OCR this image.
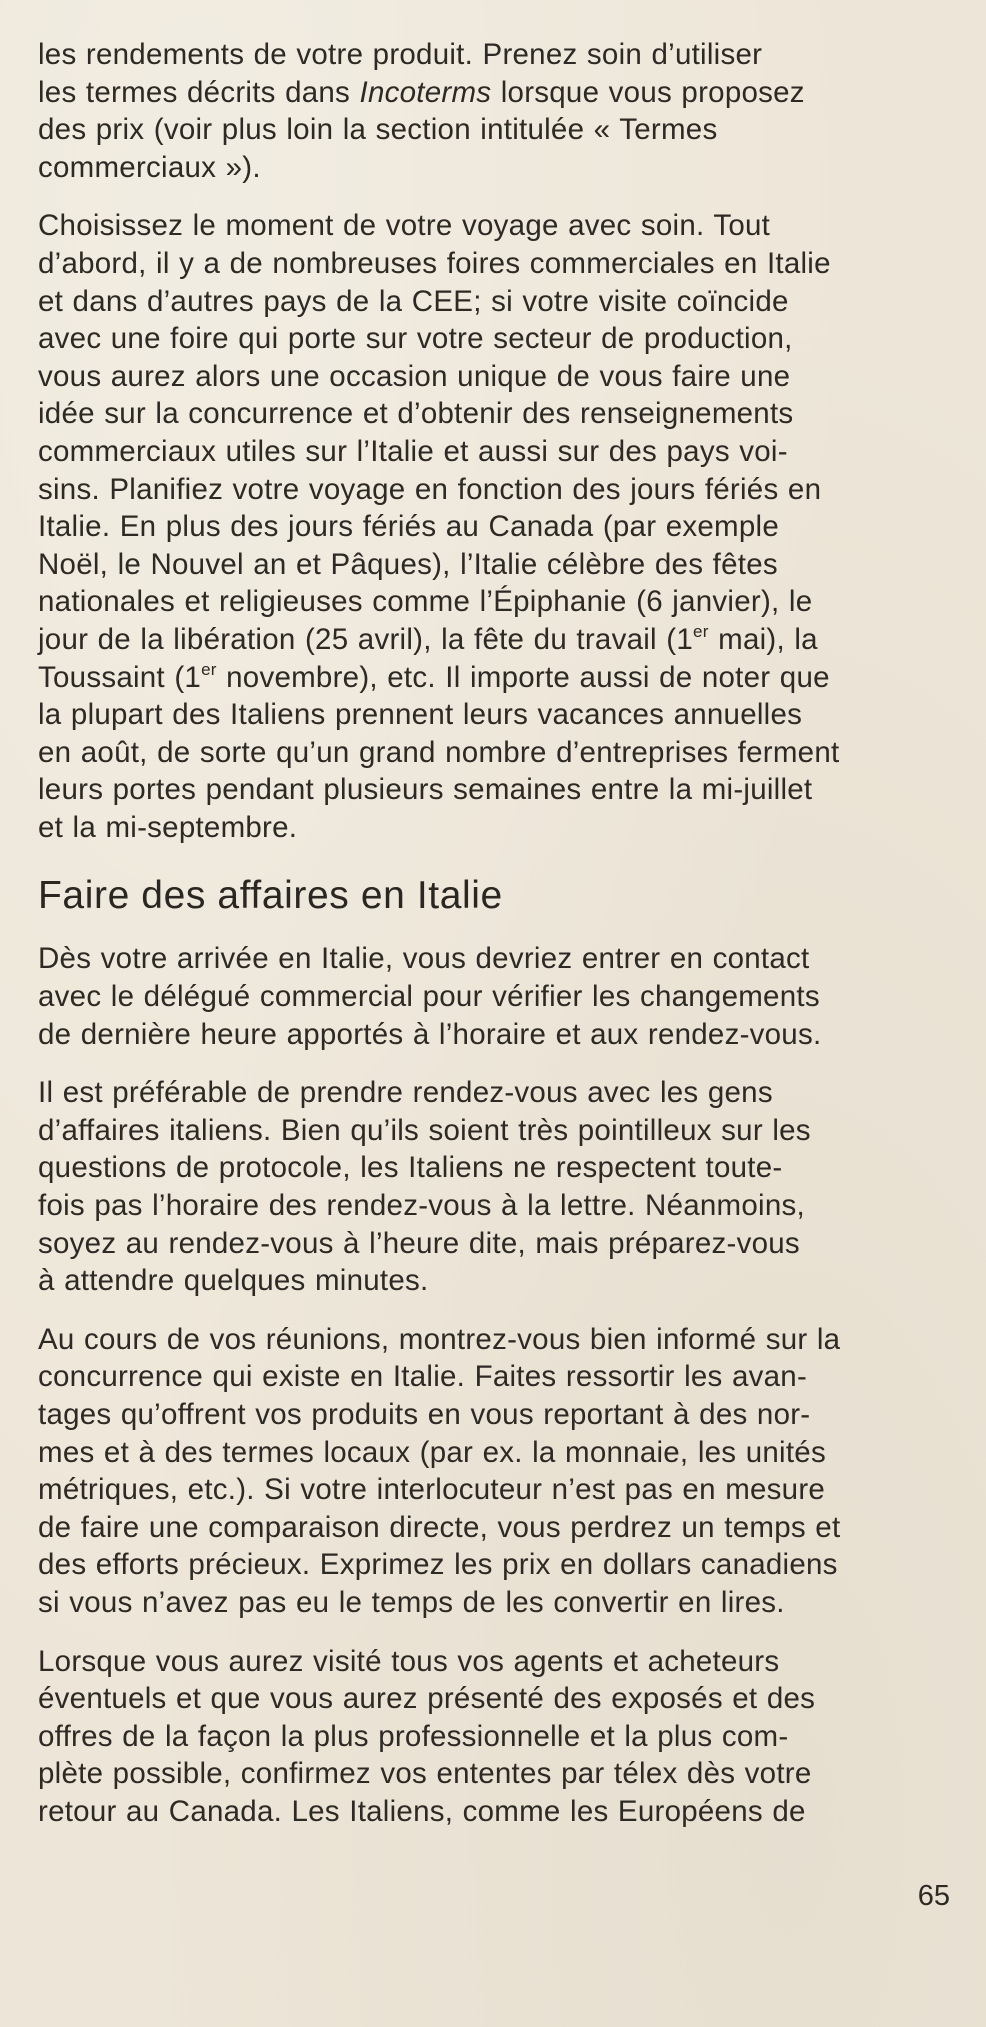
les rendements de votre produit. Prenez soin d’utiliser
les termes décrits dans Incoterms lorsque vous proposez
des prix (voir plus loin la section intitulée « Termes
commerciaux »).

Choisissez le moment de votre voyage avec soin. Tout
d’abord, il y a de nombreuses foires commerciales en Italie
et dans d’autres pays de la CEE; si votre visite coïncide
avec une foire qui porte sur votre secteur de production,
vous aurez alors une occasion unique de vous faire une
idée sur la concurrence et d’obtenir des renseignements
commerciaux utiles sur l’Italie et aussi sur des pays voi-
sins. Planifiez votre voyage en fonction des jours fériés en
Italie. En plus des jours fériés au Canada (par exemple
Noël, le Nouvel an et Pâques), l’Italie célèbre des fêtes
nationales et religieuses comme l’Épiphanie (6 janvier), le
jour de la libération (25 avril), la fête du travail (1er mai), la
Toussaint (1er novembre), etc. Il importe aussi de noter que
la plupart des Italiens prennent leurs vacances annuelles
en août, de sorte qu’un grand nombre d’entreprises ferment
leurs portes pendant plusieurs semaines entre la mi-juillet
et la mi-septembre.

Faire des affaires en Italie

Dès votre arrivée en Italie, vous devriez entrer en contact
avec le délégué commercial pour vérifier les changements
de dernière heure apportés à l’horaire et aux rendez-vous.

Il est préférable de prendre rendez-vous avec les gens
d’affaires italiens. Bien qu’ils soient très pointilleux sur les
questions de protocole, les Italiens ne respectent toute-
fois pas l’horaire des rendez-vous à la lettre. Néanmoins,
soyez au rendez-vous à l’heure dite, mais préparez-vous
à attendre quelques minutes.

Au cours de vos réunions, montrez-vous bien informé sur la
concurrence qui existe en Italie. Faites ressortir les avan-
tages qu’offrent vos produits en vous reportant à des nor-
mes et à des termes locaux (par ex. la monnaie, les unités
métriques, etc.). Si votre interlocuteur n’est pas en mesure
de faire une comparaison directe, vous perdrez un temps et
des efforts précieux. Exprimez les prix en dollars canadiens
si vous n’avez pas eu le temps de les convertir en lires.

Lorsque vous aurez visité tous vos agents et acheteurs
éventuels et que vous aurez présenté des exposés et des
offres de la façon la plus professionnelle et la plus com-
plète possible, confirmez vos ententes par télex dès votre
retour au Canada. Les Italiens, comme les Européens de

65
